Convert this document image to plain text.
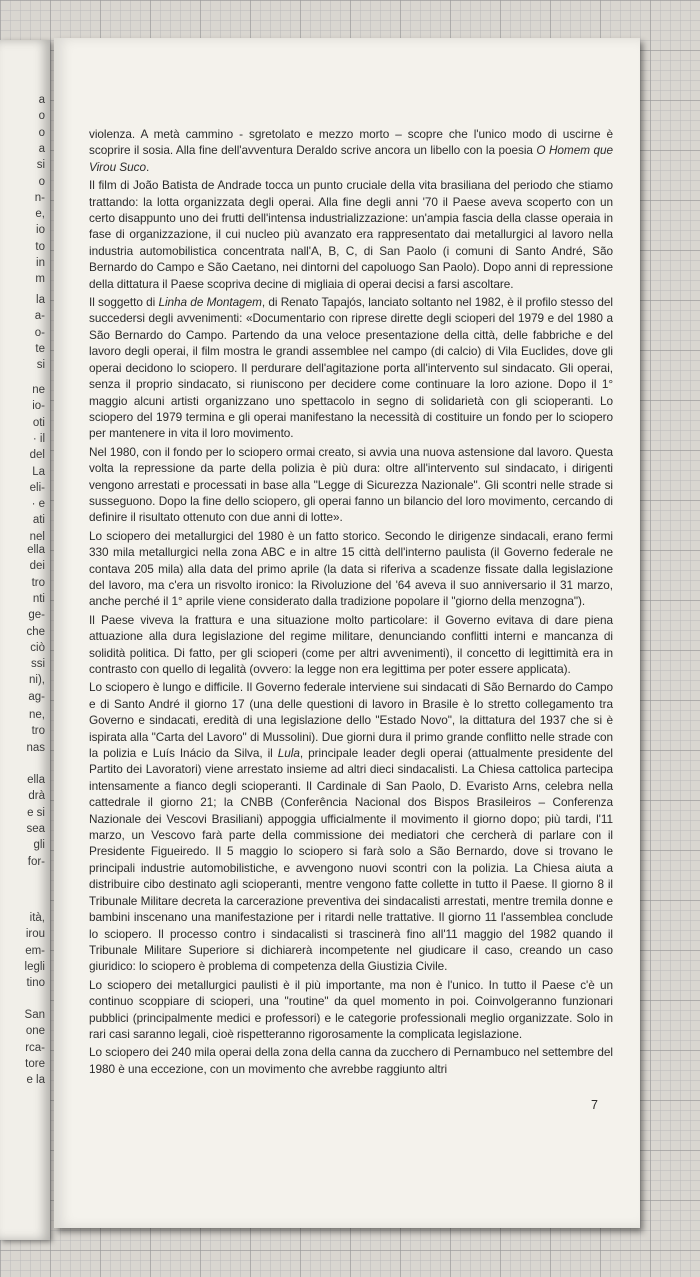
a
o
o
a
si
o
n-
e,
io
to
in
m
la
a-
o-
te
si
ne
io-
oti
· il
del
La
eli-
· e
ati
nel
ella
dei
tro
nti
ge-
che
ciò
ssi
ni),
ag-
ne,
tro
nas
ella
drà
e si
sea
gli
for-
ità,
irou
em-
legli
tino
San
one
rca-
tore
e la

violenza. A metà cammino - sgretolato e mezzo morto – scopre che l'unico modo di uscirne è scoprire il sosia. Alla fine dell'avventura Deraldo scrive ancora un libello con la poesia O Homem que Virou Suco.

Il film di João Batista de Andrade tocca un punto cruciale della vita brasiliana del periodo che stiamo trattando: la lotta organizzata degli operai. Alla fine degli anni '70 il Paese aveva scoperto con un certo disappunto uno dei frutti dell'intensa industrializzazione: un'ampia fascia della classe operaia in fase di organizzazione, il cui nucleo più avanzato era rappresentato dai metallurgici al lavoro nella industria automobilistica concentrata nall'A, B, C, di San Paolo (i comuni di Santo André, São Bernardo do Campo e São Caetano, nei dintorni del capoluogo San Paolo). Dopo anni di repressione della dittatura il Paese scopriva decine di migliaia di operai decisi a farsi ascoltare.

Il soggetto di Linha de Montagem, di Renato Tapajós, lanciato soltanto nel 1982, è il profilo stesso del succedersi degli avvenimenti: «Documentario con riprese dirette degli scioperi del 1979 e del 1980 a São Bernardo do Campo. Partendo da una veloce presentazione della città, delle fabbriche e del lavoro degli operai, il film mostra le grandi assemblee nel campo (di calcio) di Vila Euclides, dove gli operai decidono lo sciopero. Il perdurare dell'agitazione porta all'intervento sul sindacato. Gli operai, senza il proprio sindacato, si riuniscono per decidere come continuare la loro azione. Dopo il 1° maggio alcuni artisti organizzano uno spettacolo in segno di solidarietà con gli scioperanti. Lo sciopero del 1979 termina e gli operai manifestano la necessità di costituire un fondo per lo sciopero per mantenere in vita il loro movimento.

Nel 1980, con il fondo per lo sciopero ormai creato, si avvia una nuova astensione dal lavoro. Questa volta la repressione da parte della polizia è più dura: oltre all'intervento sul sindacato, i dirigenti vengono arrestati e processati in base alla "Legge di Sicurezza Nazionale". Gli scontri nelle strade si susseguono. Dopo la fine dello sciopero, gli operai fanno un bilancio del loro movimento, cercando di definire il risultato ottenuto con due anni di lotte».

Lo sciopero dei metallurgici del 1980 è un fatto storico. Secondo le dirigenze sindacali, erano fermi 330 mila metallurgici nella zona ABC e in altre 15 città dell'interno paulista (il Governo federale ne contava 205 mila) alla data del primo aprile (la data si riferiva a scadenze fissate dalla legislazione del lavoro, ma c'era un risvolto ironico: la Rivoluzione del '64 aveva il suo anniversario il 31 marzo, anche perché il 1° aprile viene considerato dalla tradizione popolare il "giorno della menzogna").

Il Paese viveva la frattura e una situazione molto particolare: il Governo evitava di dare piena attuazione alla dura legislazione del regime militare, denunciando conflitti interni e mancanza di solidità politica. Di fatto, per gli scioperi (come per altri avvenimenti), il concetto di legittimità era in contrasto con quello di legalità (ovvero: la legge non era legittima per poter essere applicata).

Lo sciopero è lungo e difficile. Il Governo federale interviene sui sindacati di São Bernardo do Campo e di Santo André il giorno 17 (una delle questioni di lavoro in Brasile è lo stretto collegamento tra Governo e sindacati, eredità di una legislazione dello "Estado Novo", la dittatura del 1937 che si è ispirata alla "Carta del Lavoro" di Mussolini). Due giorni dura il primo grande conflitto nelle strade con la polizia e Luís Inácio da Silva, il Lula, principale leader degli operai (attualmente presidente del Partito dei Lavoratori) viene arrestato insieme ad altri dieci sindacalisti. La Chiesa cattolica partecipa intensamente a fianco degli scioperanti. Il Cardinale di San Paolo, D. Evaristo Arns, celebra nella cattedrale il giorno 21; la CNBB (Conferência Nacional dos Bispos Brasileiros – Conferenza Nazionale dei Vescovi Brasiliani) appoggia ufficialmente il movimento il giorno dopo; più tardi, l'11 marzo, un Vescovo farà parte della commissione dei mediatori che cercherà di parlare con il Presidente Figueiredo. Il 5 maggio lo sciopero si farà solo a São Bernardo, dove si trovano le principali industrie automobilistiche, e avvengono nuovi scontri con la polizia. La Chiesa aiuta a distribuire cibo destinato agli scioperanti, mentre vengono fatte collette in tutto il Paese. Il giorno 8 il Tribunale Militare decreta la carcerazione preventiva dei sindacalisti arrestati, mentre tremila donne e bambini inscenano una manifestazione per i ritardi nelle trattative. Il giorno 11 l'assemblea conclude lo sciopero. Il processo contro i sindacalisti si trascinerà fino all'11 maggio del 1982 quando il Tribunale Militare Superiore si dichiarerà incompetente nel giudicare il caso, creando un caso giuridico: lo sciopero è problema di competenza della Giustizia Civile.

Lo sciopero dei metallurgici paulisti è il più importante, ma non è l'unico. In tutto il Paese c'è un continuo scoppiare di scioperi, una "routine" da quel momento in poi. Coinvolgeranno funzionari pubblici (principalmente medici e professori) e le categorie professionali meglio organizzate. Solo in rari casi saranno legali, cioè rispetteranno rigorosamente la complicata legislazione.

Lo sciopero dei 240 mila operai della zona della canna da zucchero di Pernambuco nel settembre del 1980 è una eccezione, con un movimento che avrebbe raggiunto altri

7
